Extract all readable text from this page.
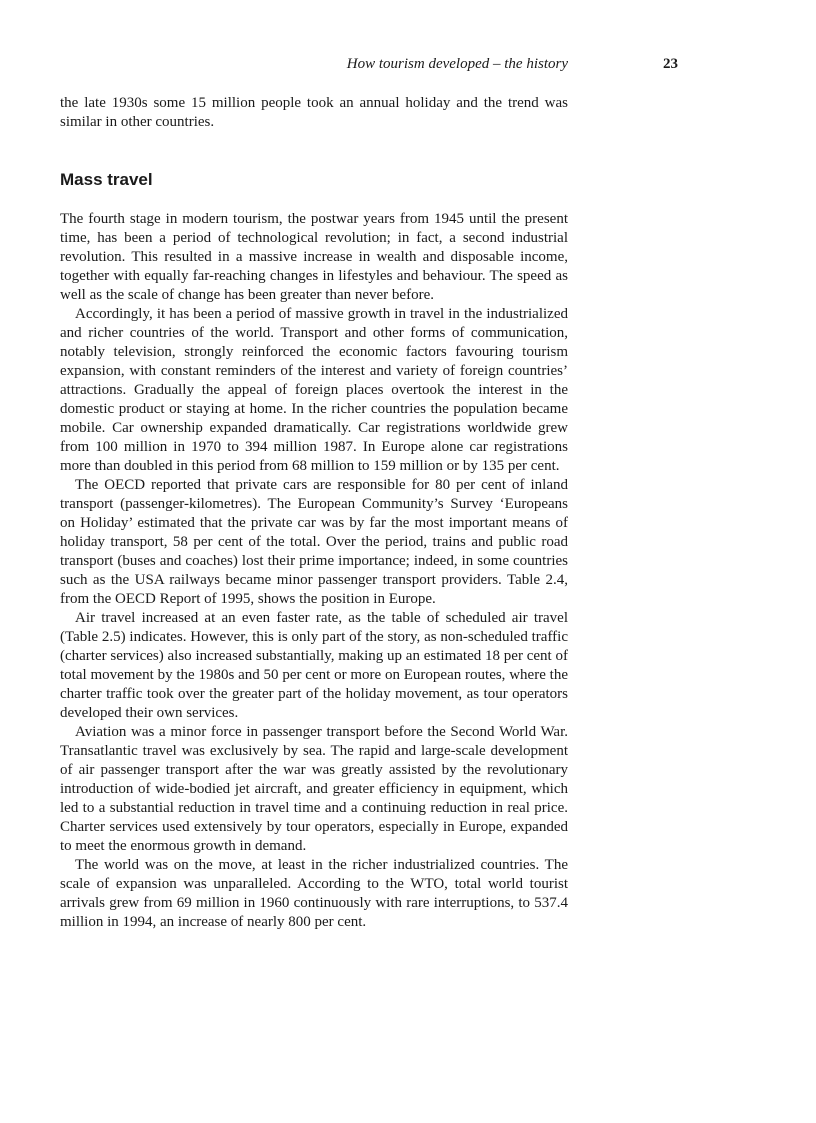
How tourism developed – the history	23

the late 1930s some 15 million people took an annual holiday and the trend was similar in other countries.

Mass travel

The fourth stage in modern tourism, the postwar years from 1945 until the present time, has been a period of technological revolution; in fact, a second industrial revolution. This resulted in a massive increase in wealth and disposable income, together with equally far-reaching changes in lifestyles and behaviour. The speed as well as the scale of change has been greater than never before.

Accordingly, it has been a period of massive growth in travel in the industrialized and richer countries of the world. Transport and other forms of communication, notably television, strongly reinforced the economic factors favouring tourism expansion, with constant reminders of the interest and variety of foreign countries’ attractions. Gradually the appeal of foreign places overtook the interest in the domestic product or staying at home. In the richer countries the population became mobile. Car ownership expanded dramatically. Car registrations worldwide grew from 100 million in 1970 to 394 million 1987. In Europe alone car registrations more than doubled in this period from 68 million to 159 million or by 135 per cent.

The OECD reported that private cars are responsible for 80 per cent of inland transport (passenger-kilometres). The European Community’s Survey ‘Europeans on Holiday’ estimated that the private car was by far the most important means of holiday transport, 58 per cent of the total. Over the period, trains and public road transport (buses and coaches) lost their prime importance; indeed, in some countries such as the USA railways became minor passenger transport providers. Table 2.4, from the OECD Report of 1995, shows the position in Europe.

Air travel increased at an even faster rate, as the table of scheduled air travel (Table 2.5) indicates. However, this is only part of the story, as non-scheduled traffic (charter services) also increased substantially, making up an estimated 18 per cent of total movement by the 1980s and 50 per cent or more on European routes, where the charter traffic took over the greater part of the holiday movement, as tour operators developed their own services.

Aviation was a minor force in passenger transport before the Second World War. Transatlantic travel was exclusively by sea. The rapid and large-scale development of air passenger transport after the war was greatly assisted by the revolutionary introduction of wide-bodied jet aircraft, and greater efficiency in equipment, which led to a substantial reduction in travel time and a continuing reduction in real price. Charter services used extensively by tour operators, especially in Europe, expanded to meet the enormous growth in demand.

The world was on the move, at least in the richer industrialized countries. The scale of expansion was unparalleled. According to the WTO, total world tourist arrivals grew from 69 million in 1960 continuously with rare interruptions, to 537.4 million in 1994, an increase of nearly 800 per cent.
